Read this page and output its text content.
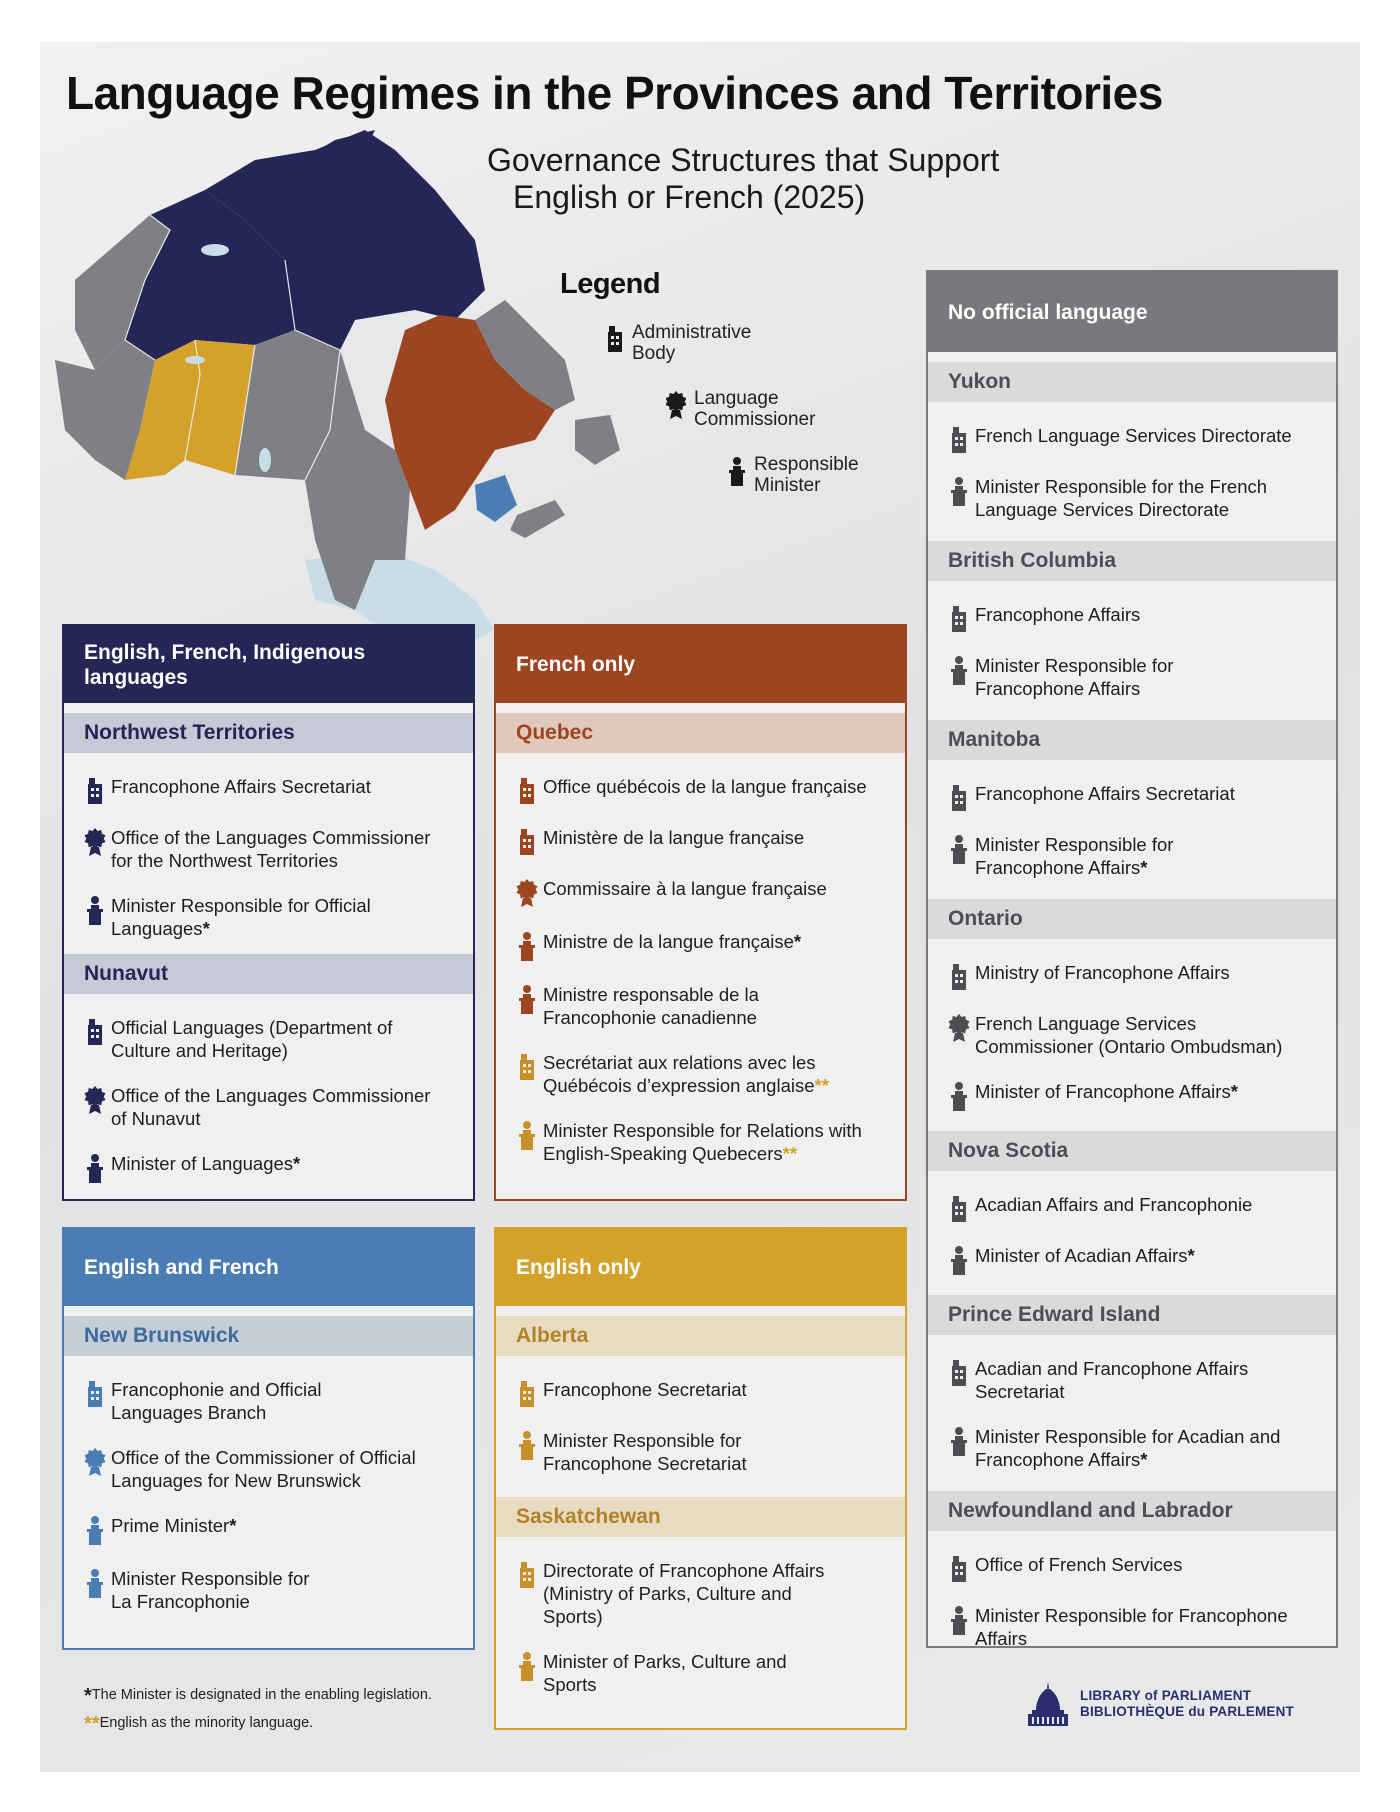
Language Regimes in the Provinces and Territories
Governance Structures that Support
English or French (2025)
Legend
Administrative
Body
Language
Commissioner
Responsible
Minister
English, French, Indigenous
languages
Northwest Territories
Francophone Affairs Secretariat
Office of the Languages Commissioner
for the Northwest Territories
Minister Responsible for Official
Languages*
Nunavut
Official Languages (Department of
Culture and Heritage)
Office of the Languages Commissioner
of Nunavut
Minister of Languages*
French only
Quebec
Office québécois de la langue française
Ministère de la langue française
Commissaire à la langue française
Ministre de la langue française*
Ministre responsable de la
Francophonie canadienne
Secrétariat aux relations avec les
Québécois d’expression anglaise**
Minister Responsible for Relations with
English-Speaking Quebecers**
English and French
New Brunswick
Francophonie and Official
Languages Branch
Office of the Commissioner of Official
Languages for New Brunswick
Prime Minister*
Minister Responsible for
La Francophonie
English only
Alberta
Francophone Secretariat
Minister Responsible for
Francophone Secretariat
Saskatchewan
Directorate of Francophone Affairs
(Ministry of Parks, Culture and
Sports)
Minister of Parks, Culture and
Sports
No official language
Yukon
French Language Services Directorate
Minister Responsible for the French
Language Services Directorate
British Columbia
Francophone Affairs
Minister Responsible for
Francophone Affairs
Manitoba
Francophone Affairs Secretariat
Minister Responsible for
Francophone Affairs*
Ontario
Ministry of Francophone Affairs
French Language Services
Commissioner (Ontario Ombudsman)
Minister of Francophone Affairs*
Nova Scotia
Acadian Affairs and Francophonie
Minister of Acadian Affairs*
Prince Edward Island
Acadian and Francophone Affairs
Secretariat
Minister Responsible for Acadian and
Francophone Affairs*
Newfoundland and Labrador
Office of French Services
Minister Responsible for Francophone
Affairs
*The Minister is designated in the enabling legislation.
**English as the minority language.
LIBRARY of PARLIAMENT
BIBLIOTHÈQUE du PARLEMENT
